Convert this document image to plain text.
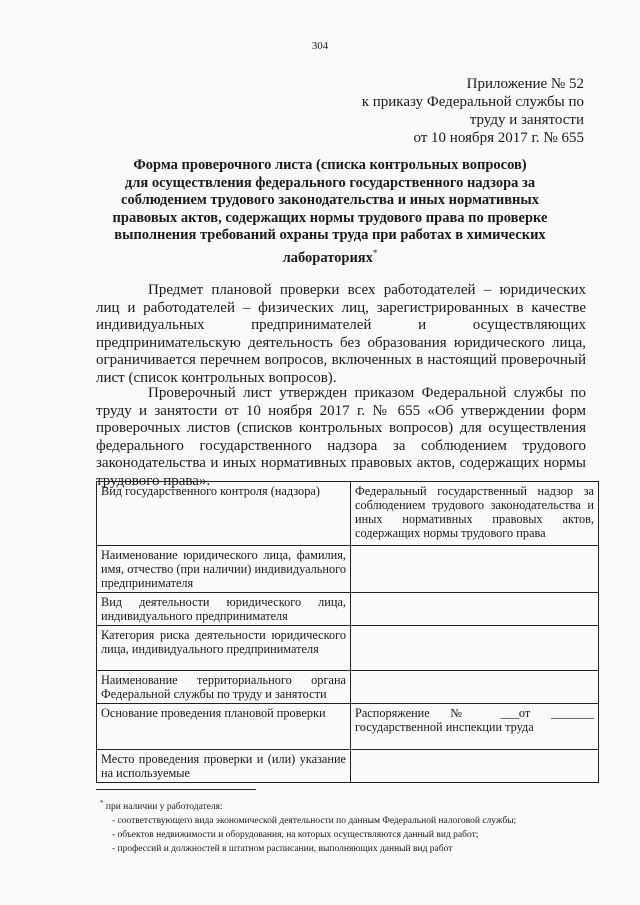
304
Приложение № 52
к приказу Федеральной службы по
труду и занятости
от 10 ноября 2017 г. № 655
Форма проверочного листа (списка контрольных вопросов)
для осуществления федерального государственного надзора за
соблюдением трудового законодательства и иных нормативных
правовых актов, содержащих нормы трудового права по проверке
выполнения требований охраны труда при работах в химических
лабораториях*
Предмет плановой проверки всех работодателей – юридических лиц и работодателей – физических лиц, зарегистрированных в качестве индивидуальных предпринимателей и осуществляющих предпринимательскую деятельность без образования юридического лица, ограничивается перечнем вопросов, включенных в настоящий проверочный лист (список контрольных вопросов).
Проверочный лист утвержден приказом Федеральной службы по труду и занятости от 10 ноября 2017 г. № 655 «Об утверждении форм проверочных листов (списков контрольных вопросов) для осуществления федерального государственного надзора за соблюдением трудового законодательства и иных нормативных правовых актов, содержащих нормы трудового права».
Вид государственного контроля (надзора)	Федеральный государственный надзор за соблюдением трудового законодательства и иных нормативных правовых актов, содержащих нормы трудового права
Наименование юридического лица, фамилия, имя, отчество (при наличии) индивидуального предпринимателя	
Вид деятельности юридического лица, индивидуального предпринимателя	
Категория риска деятельности юридического лица, индивидуального предпринимателя	
Наименование территориального органа Федеральной службы по труду и занятости	
Основание проведения плановой проверки	Распоряжение № ___от _______ государственной инспекции труда
Место проведения проверки и (или) указание на используемые	
* при наличии у работодателя:
- соответствующего вида экономической деятельности по данным Федеральной налоговой службы;
- объектов недвижимости и оборудования, на которых осуществляются данный вид работ;
- профессий и должностей в штатном расписании, выполняющих данный вид работ
